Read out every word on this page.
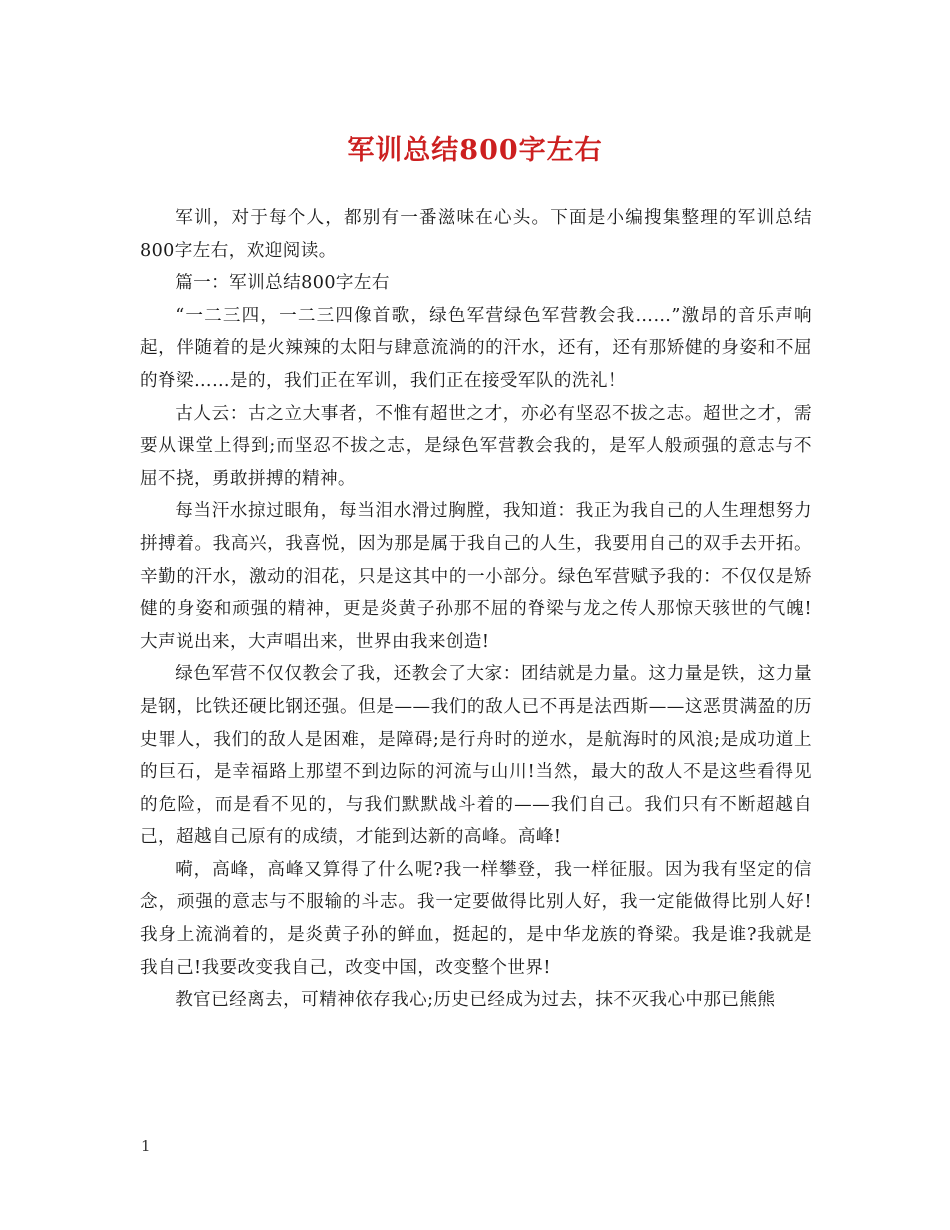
军训总结800字左右

军训，对于每个人，都别有一番滋味在心头。下面是小编搜集整理的军训总结800字左右，欢迎阅读。

篇一：军训总结800字左右

“一二三四，一二三四像首歌，绿色军营绿色军营教会我……”激昂的音乐声响起，伴随着的是火辣辣的太阳与肆意流淌的的汗水，还有，还有那矫健的身姿和不屈的脊梁……是的，我们正在军训，我们正在接受军队的洗礼！

古人云：古之立大事者，不惟有超世之才，亦必有坚忍不拔之志。超世之才，需要从课堂上得到;而坚忍不拔之志，是绿色军营教会我的，是军人般顽强的意志与不屈不挠，勇敢拼搏的精神。

每当汗水掠过眼角，每当泪水滑过胸膛，我知道：我正为我自己的人生理想努力拼搏着。我高兴，我喜悦，因为那是属于我自己的人生，我要用自己的双手去开拓。辛勤的汗水，激动的泪花，只是这其中的一小部分。绿色军营赋予我的：不仅仅是矫健的身姿和顽强的精神，更是炎黄子孙那不屈的脊梁与龙之传人那惊天骇世的气魄!大声说出来，大声唱出来，世界由我来创造!

绿色军营不仅仅教会了我，还教会了大家：团结就是力量。这力量是铁，这力量是钢，比铁还硬比钢还强。但是——我们的敌人已不再是法西斯——这恶贯满盈的历史罪人，我们的敌人是困难，是障碍;是行舟时的逆水，是航海时的风浪;是成功道上的巨石，是幸福路上那望不到边际的河流与山川!当然，最大的敌人不是这些看得见的危险，而是看不见的，与我们默默战斗着的——我们自己。我们只有不断超越自己，超越自己原有的成绩，才能到达新的高峰。高峰!

嗬，高峰，高峰又算得了什么呢?我一样攀登，我一样征服。因为我有坚定的信念，顽强的意志与不服输的斗志。我一定要做得比别人好，我一定能做得比别人好!我身上流淌着的，是炎黄子孙的鲜血，挺起的，是中华龙族的脊梁。我是谁?我就是我自己!我要改变我自己，改变中国，改变整个世界!

教官已经离去，可精神依存我心;历史已经成为过去，抹不灭我心中那已熊熊

1
